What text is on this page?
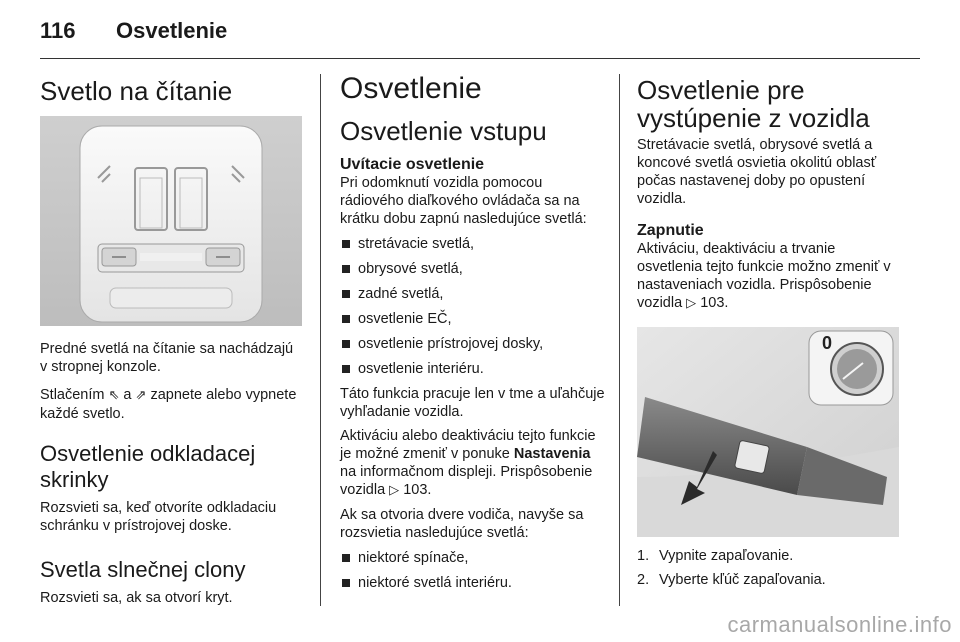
116 Osvetlenie
Svetlo na čítanie

Predné svetlá na čítanie sa nachádzajú v stropnej konzole.

Stlačením ⇖ a ⇗ zapnete alebo vypnete každé svetlo.

Osvetlenie odkladacej skrinky

Rozsvieti sa, keď otvoríte odkladaciu schránku v prístrojovej doske.

Svetla slnečnej clony

Rozsvieti sa, ak sa otvorí kryt.

Osvetlenie
Osvetlenie vstupu
Uvítacie osvetlenie

Pri odomknutí vozidla pomocou rádiového diaľkového ovládača sa na krátku dobu zapnú nasledujúce svetlá:

stretávacie svetlá,
obrysové svetlá,
zadné svetlá,
osvetlenie EČ,
osvetlenie prístrojovej dosky,
osvetlenie interiéru.

Táto funkcia pracuje len v tme a uľahčuje vyhľadanie vozidla.

Aktiváciu alebo deaktiváciu tejto funkcie je možné zmeniť v ponuke Nastavenia na informačnom displeji. Prispôsobenie vozidla ▷ 103.

Ak sa otvoria dvere vodiča, navyše sa rozsvietia nasledujúce svetlá:

niektoré spínače,
niektoré svetlá interiéru.
Osvetlenie pre vystúpenie z vozidla

Stretávacie svetlá, obrysové svetlá a koncové svetlá osvietia okolitú oblasť počas nastavenej doby po opustení vozidla.

Zapnutie

Aktiváciu, deaktiváciu a trvanie osvetlenia tejto funkcie možno zmeniť v nastaveniach vozidla. Prispôsobenie vozidla ▷ 103.

0
1. Vypnite zapaľovanie.
2. Vyberte kľúč zapaľovania.
carmanualsonline.info
